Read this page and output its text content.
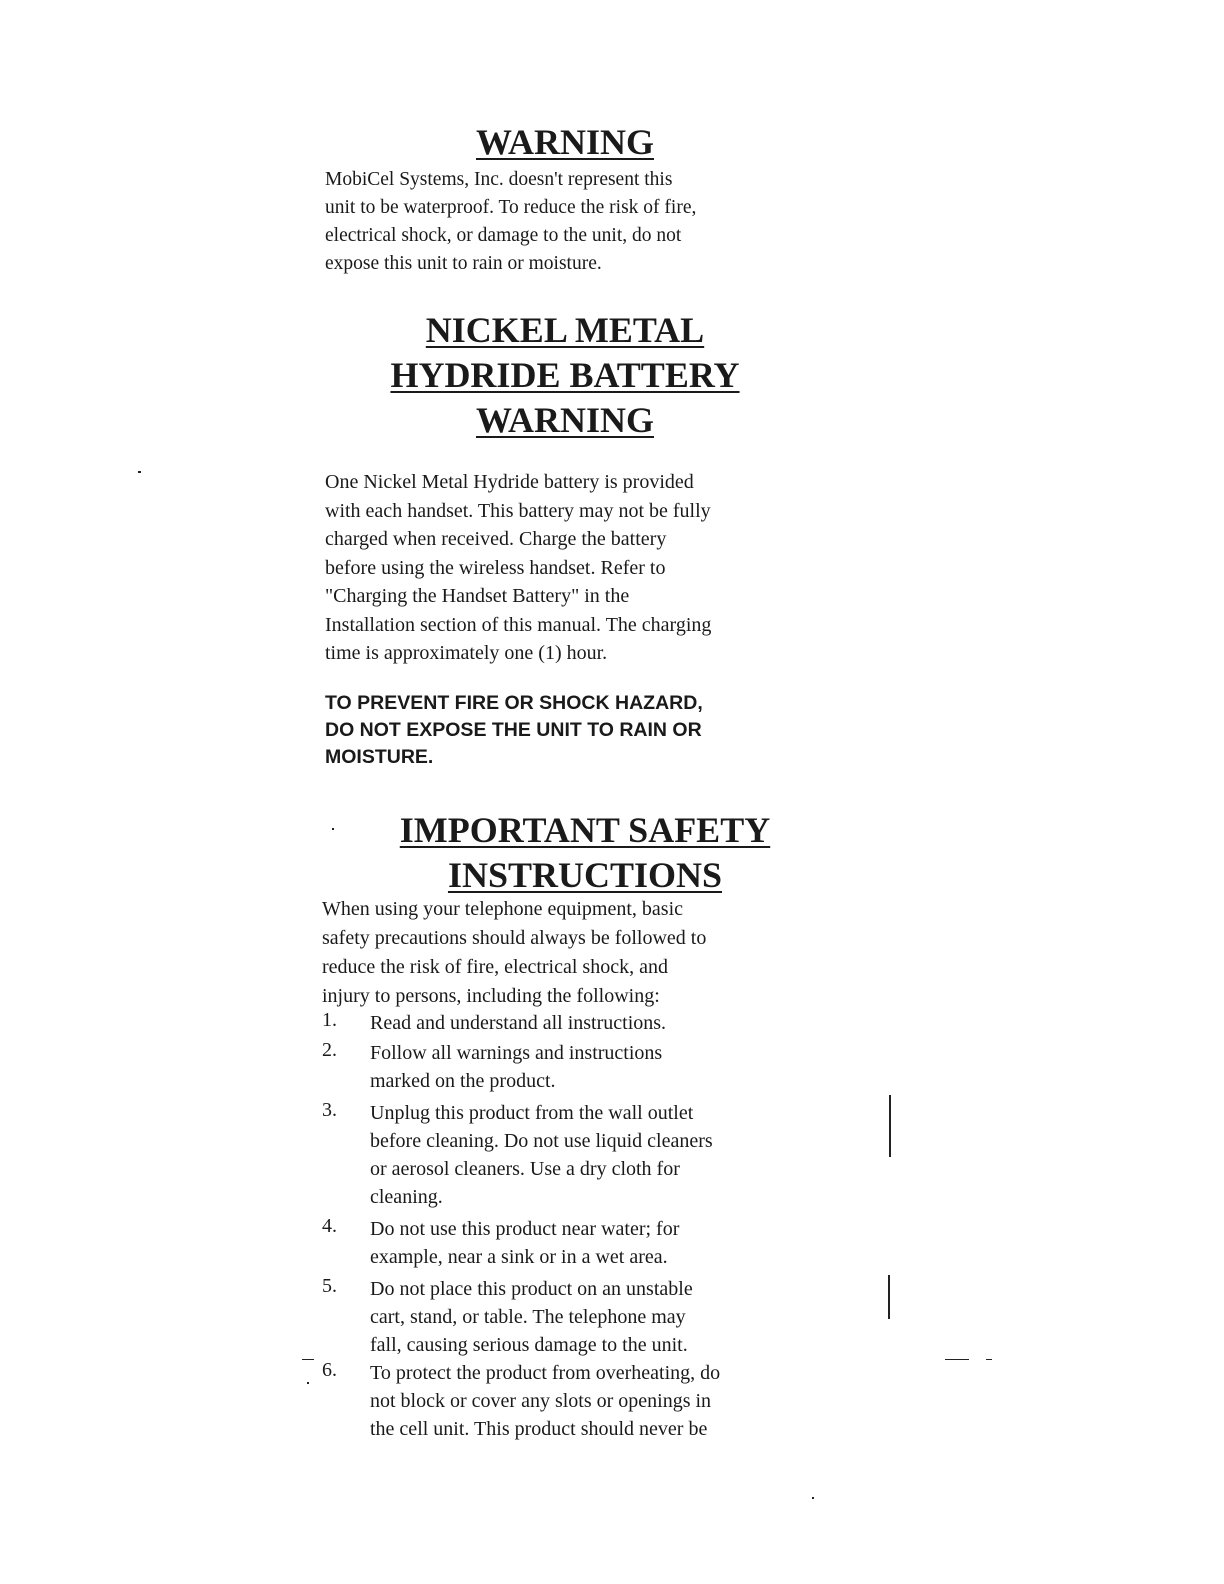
WARNING
MobiCel Systems, Inc. doesn't represent this
unit to be waterproof. To reduce the risk of fire,
electrical shock, or damage to the unit, do not
expose this unit to rain or moisture.
NICKEL METAL
HYDRIDE BATTERY
WARNING
One Nickel Metal Hydride battery is provided
with each handset. This battery may not be fully
charged when received. Charge the battery
before using the wireless handset. Refer to
"Charging the Handset Battery" in the
Installation section of this manual. The charging
time is approximately one (1) hour.
TO PREVENT FIRE OR SHOCK HAZARD,
DO NOT EXPOSE THE UNIT TO RAIN OR
MOISTURE.
IMPORTANT SAFETY
INSTRUCTIONS
When using your telephone equipment, basic
safety precautions should always be followed to
reduce the risk of fire, electrical shock, and
injury to persons, including the following:
1.	Read and understand all instructions.
2.	Follow all warnings and instructions
marked on the product.
3.	Unplug this product from the wall outlet
before cleaning. Do not use liquid cleaners
or aerosol cleaners. Use a dry cloth for
cleaning.
4.	Do not use this product near water; for
example, near a sink or in a wet area.
5.	Do not place this product on an unstable
cart, stand, or table. The telephone may
fall, causing serious damage to the unit.
6.	To protect the product from overheating, do
not block or cover any slots or openings in
the cell unit. This product should never be
